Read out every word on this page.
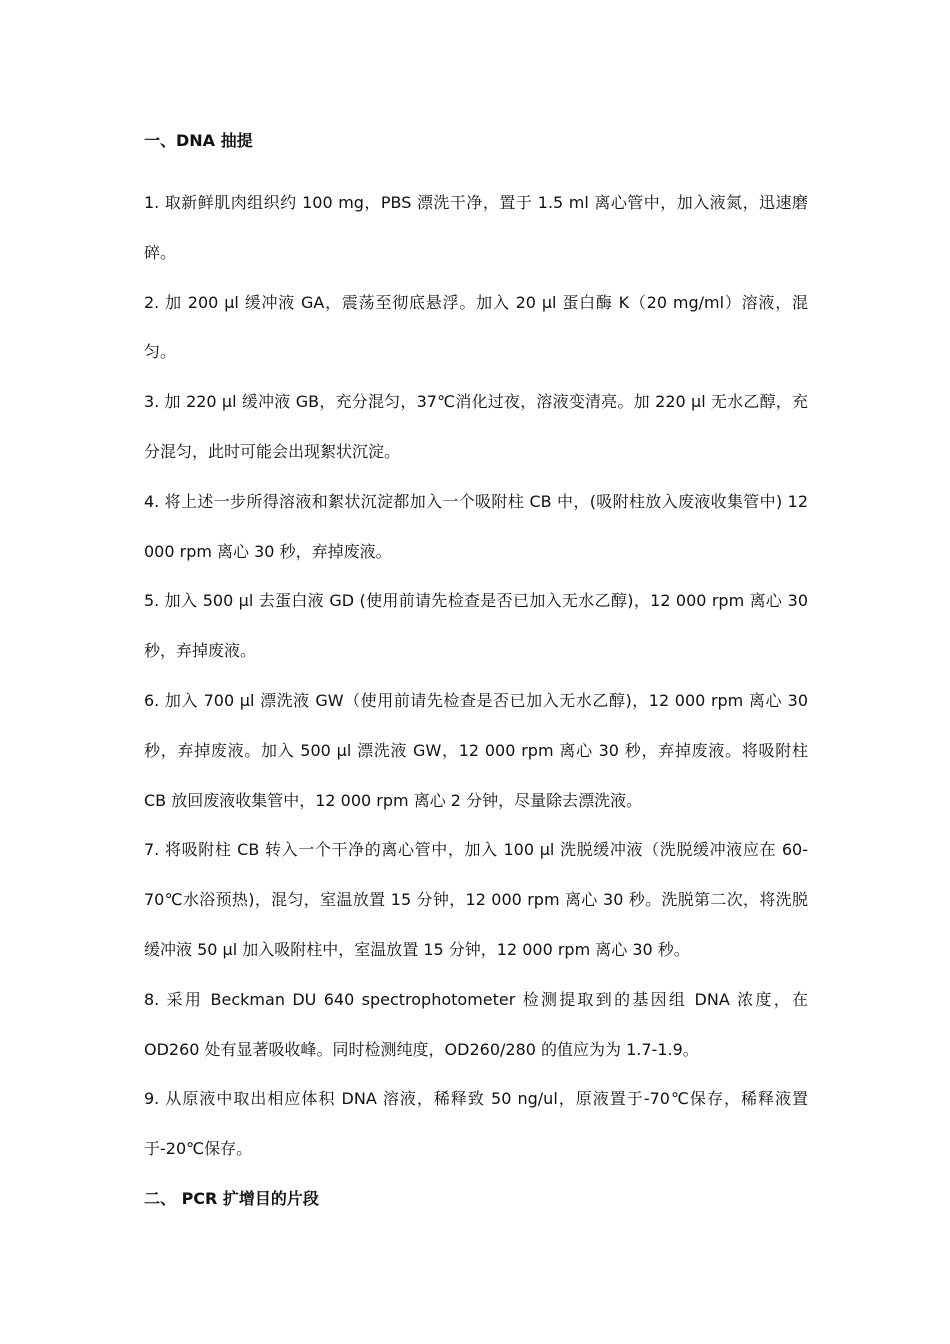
一、DNA 抽提

1. 取新鲜肌肉组织约 100 mg，PBS 漂洗干净，置于 1.5 ml 离心管中，加入液氮，迅速磨碎。

2. 加 200 μl 缓冲液 GA，震荡至彻底悬浮。加入 20 μl 蛋白酶 K（20 mg/ml）溶液，混匀。

3. 加 220 μl 缓冲液 GB，充分混匀，37℃消化过夜，溶液变清亮。加 220 μl 无水乙醇，充分混匀，此时可能会出现絮状沉淀。

4. 将上述一步所得溶液和絮状沉淀都加入一个吸附柱 CB 中，(吸附柱放入废液收集管中) 12 000 rpm 离心 30 秒，弃掉废液。

5. 加入 500 μl 去蛋白液 GD (使用前请先检查是否已加入无水乙醇)，12 000 rpm 离心 30 秒，弃掉废液。

6. 加入 700 μl 漂洗液 GW（使用前请先检查是否已加入无水乙醇)，12 000 rpm 离心 30 秒，弃掉废液。加入 500 μl 漂洗液 GW，12 000 rpm 离心 30 秒，弃掉废液。将吸附柱 CB 放回废液收集管中，12 000 rpm 离心 2 分钟，尽量除去漂洗液。

7. 将吸附柱 CB 转入一个干净的离心管中，加入 100 μl 洗脱缓冲液（洗脱缓冲液应在 60-70℃水浴预热)，混匀，室温放置 15 分钟，12 000 rpm 离心 30 秒。洗脱第二次，将洗脱缓冲液 50 μl 加入吸附柱中，室温放置 15 分钟，12 000 rpm 离心 30 秒。

8. 采用 Beckman DU 640 spectrophotometer 检测提取到的基因组 DNA 浓度，在 OD260 处有显著吸收峰。同时检测纯度，OD260/280 的值应为为 1.7-1.9。

9. 从原液中取出相应体积 DNA 溶液，稀释致 50 ng/ul，原液置于-70℃保存，稀释液置于-20℃保存。

二、 PCR 扩增目的片段
